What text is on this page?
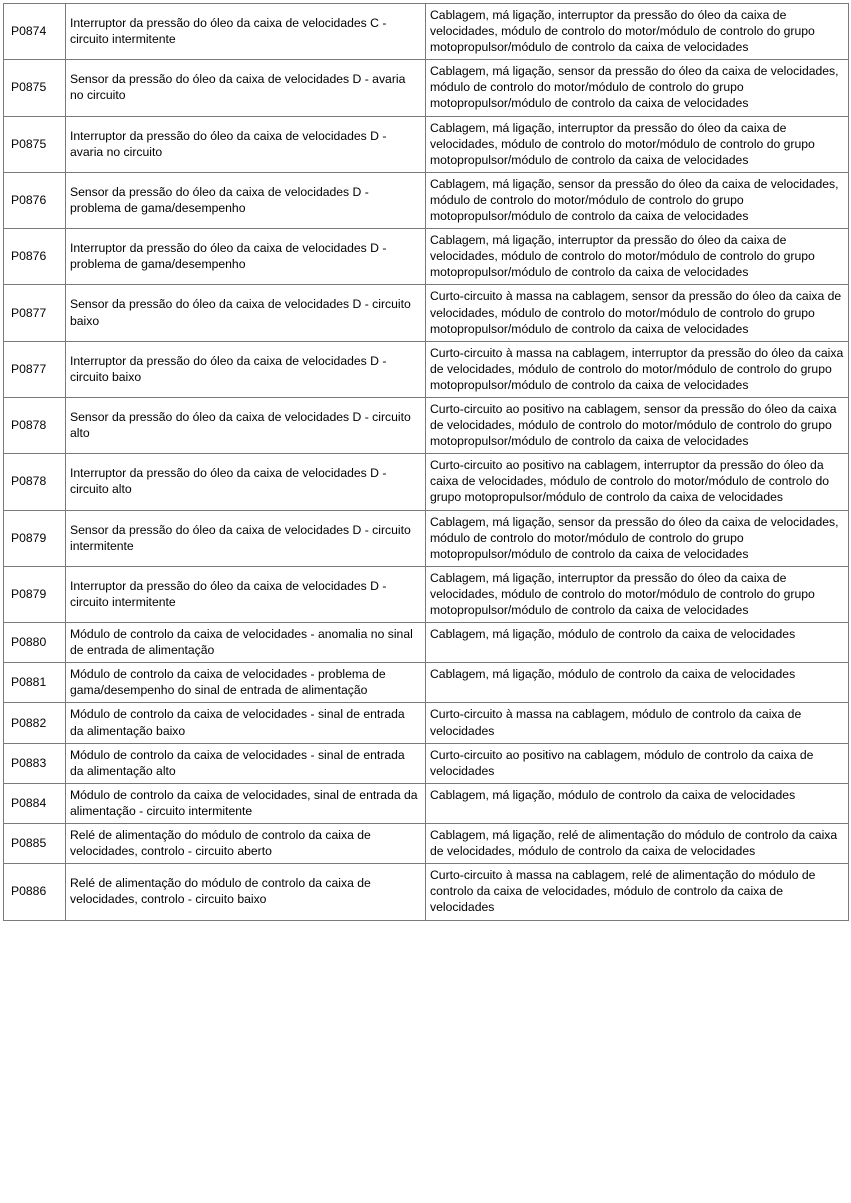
P0874	Interruptor da pressão do óleo da caixa de velocidades C - circuito intermitente	Cablagem, má ligação, interruptor da pressão do óleo da caixa de velocidades, módulo de controlo do motor/módulo de controlo do grupo motopropulsor/módulo de controlo da caixa de velocidades
P0875	Sensor da pressão do óleo da caixa de velocidades D - avaria no circuito	Cablagem, má ligação, sensor da pressão do óleo da caixa de velocidades, módulo de controlo do motor/módulo de controlo do grupo motopropulsor/módulo de controlo da caixa de velocidades
P0875	Interruptor da pressão do óleo da caixa de velocidades D - avaria no circuito	Cablagem, má ligação, interruptor da pressão do óleo da caixa de velocidades, módulo de controlo do motor/módulo de controlo do grupo motopropulsor/módulo de controlo da caixa de velocidades
P0876	Sensor da pressão do óleo da caixa de velocidades D - problema de gama/desempenho	Cablagem, má ligação, sensor da pressão do óleo da caixa de velocidades, módulo de controlo do motor/módulo de controlo do grupo motopropulsor/módulo de controlo da caixa de velocidades
P0876	Interruptor da pressão do óleo da caixa de velocidades D - problema de gama/desempenho	Cablagem, má ligação, interruptor da pressão do óleo da caixa de velocidades, módulo de controlo do motor/módulo de controlo do grupo motopropulsor/módulo de controlo da caixa de velocidades
P0877	Sensor da pressão do óleo da caixa de velocidades D - circuito baixo	Curto-circuito à massa na cablagem, sensor da pressão do óleo da caixa de velocidades, módulo de controlo do motor/módulo de controlo do grupo motopropulsor/módulo de controlo da caixa de velocidades
P0877	Interruptor da pressão do óleo da caixa de velocidades D - circuito baixo	Curto-circuito à massa na cablagem, interruptor da pressão do óleo da caixa de velocidades, módulo de controlo do motor/módulo de controlo do grupo motopropulsor/módulo de controlo da caixa de velocidades
P0878	Sensor da pressão do óleo da caixa de velocidades D - circuito alto	Curto-circuito ao positivo na cablagem, sensor da pressão do óleo da caixa de velocidades, módulo de controlo do motor/módulo de controlo do grupo motopropulsor/módulo de controlo da caixa de velocidades
P0878	Interruptor da pressão do óleo da caixa de velocidades D - circuito alto	Curto-circuito ao positivo na cablagem, interruptor da pressão do óleo da caixa de velocidades, módulo de controlo do motor/módulo de controlo do grupo motopropulsor/módulo de controlo da caixa de velocidades
P0879	Sensor da pressão do óleo da caixa de velocidades D - circuito intermitente	Cablagem, má ligação, sensor da pressão do óleo da caixa de velocidades, módulo de controlo do motor/módulo de controlo do grupo motopropulsor/módulo de controlo da caixa de velocidades
P0879	Interruptor da pressão do óleo da caixa de velocidades D - circuito intermitente	Cablagem, má ligação, interruptor da pressão do óleo da caixa de velocidades, módulo de controlo do motor/módulo de controlo do grupo motopropulsor/módulo de controlo da caixa de velocidades
P0880	Módulo de controlo da caixa de velocidades - anomalia no sinal de entrada de alimentação	Cablagem, má ligação, módulo de controlo da caixa de velocidades
P0881	Módulo de controlo da caixa de velocidades - problema de gama/desempenho do sinal de entrada de alimentação	Cablagem, má ligação, módulo de controlo da caixa de velocidades
P0882	Módulo de controlo da caixa de velocidades - sinal de entrada da alimentação baixo	Curto-circuito à massa na cablagem, módulo de controlo da caixa de velocidades
P0883	Módulo de controlo da caixa de velocidades - sinal de entrada da alimentação alto	Curto-circuito ao positivo na cablagem, módulo de controlo da caixa de velocidades
P0884	Módulo de controlo da caixa de velocidades, sinal de entrada da alimentação - circuito intermitente	Cablagem, má ligação, módulo de controlo da caixa de velocidades
P0885	Relé de alimentação do módulo de controlo da caixa de velocidades, controlo - circuito aberto	Cablagem, má ligação, relé de alimentação do módulo de controlo da caixa de velocidades, módulo de controlo da caixa de velocidades
P0886	Relé de alimentação do módulo de controlo da caixa de velocidades, controlo - circuito baixo	Curto-circuito à massa na cablagem, relé de alimentação do módulo de controlo da caixa de velocidades, módulo de controlo da caixa de velocidades
